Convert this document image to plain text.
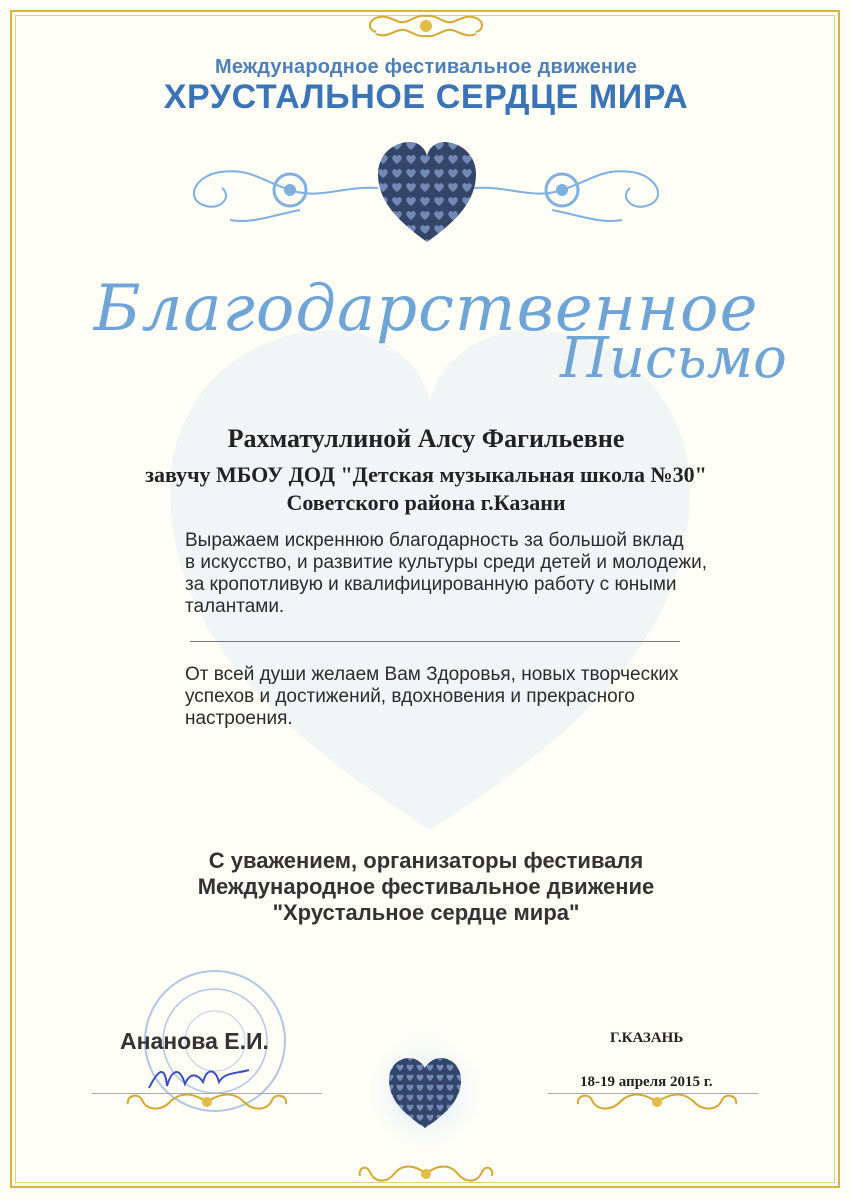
Международное фестивальное движение
ХРУСТАЛЬНОЕ СЕРДЦЕ МИРА
Благодарственное
Письмо
Рахматуллиной Алсу Фагильевне
завучу МБОУ ДОД "Детская музыкальная школа №30"
Советского района г.Казани
Выражаем искреннюю благодарность за большой вклад
в искусство, и развитие культуры среди детей и молодежи,
за кропотливую и квалифицированную работу с юными
талантами.
От всей души желаем Вам Здоровья, новых творческих
успехов и достижений, вдохновения и прекрасного
настроения.
С уважением, организаторы фестиваля
Международное фестивальное движение
"Хрустальное сердце мира"
Ананова Е.И.	Г.КАЗАНЬ
18-19 апреля 2015 г.
